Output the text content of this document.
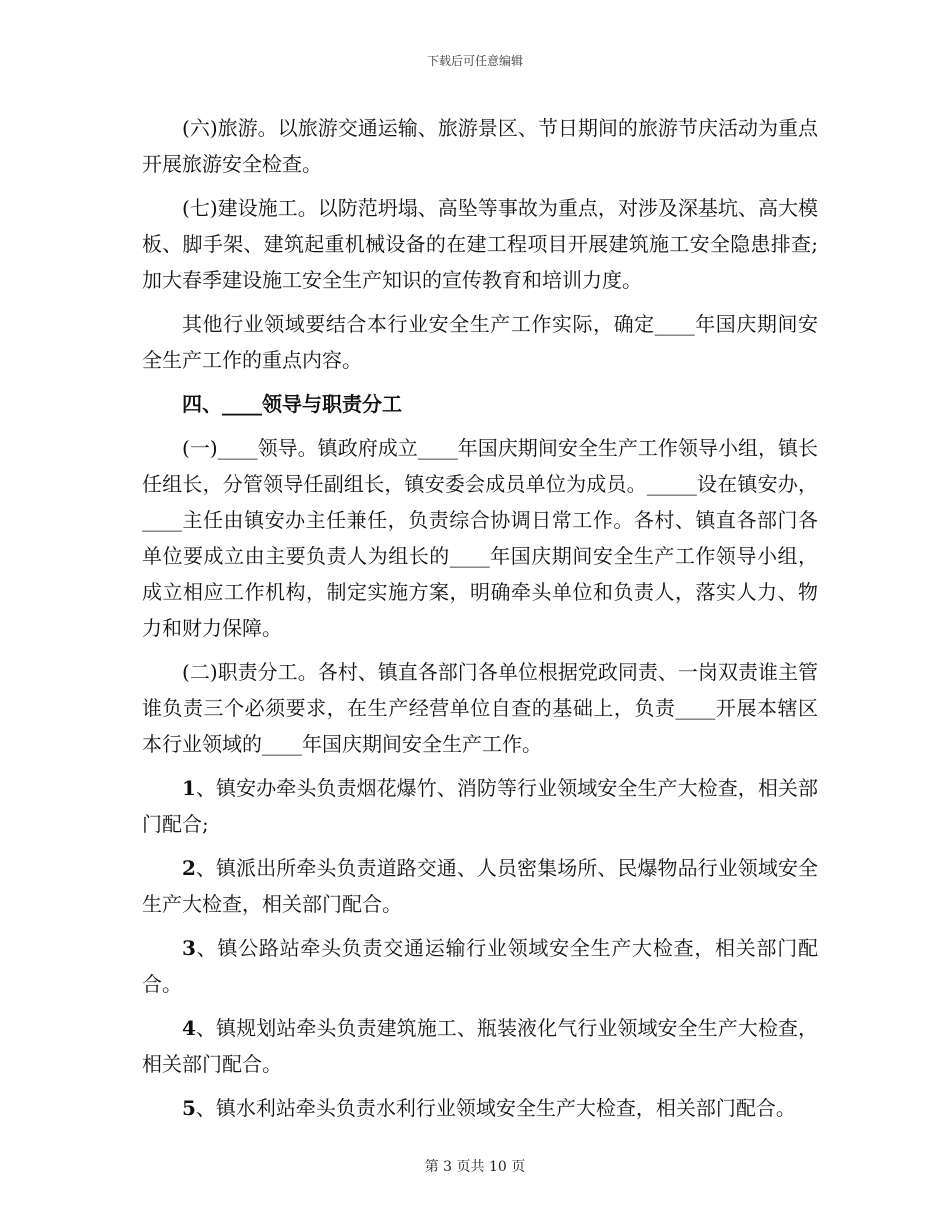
下载后可任意编辑

(六)旅游。以旅游交通运输、旅游景区、节日期间的旅游节庆活动为重点开展旅游安全检查。

(七)建设施工。以防范坍塌、高坠等事故为重点，对涉及深基坑、高大模板、脚手架、建筑起重机械设备的在建工程项目开展建筑施工安全隐患排查;加大春季建设施工安全生产知识的宣传教育和培训力度。

其他行业领域要结合本行业安全生产工作实际，确定____年国庆期间安全生产工作的重点内容。

四、____领导与职责分工

(一)____领导。镇政府成立____年国庆期间安全生产工作领导小组，镇长任组长，分管领导任副组长，镇安委会成员单位为成员。_____设在镇安办，____主任由镇安办主任兼任，负责综合协调日常工作。各村、镇直各部门各单位要成立由主要负责人为组长的____年国庆期间安全生产工作领导小组，成立相应工作机构，制定实施方案，明确牵头单位和负责人，落实人力、物力和财力保障。

(二)职责分工。各村、镇直各部门各单位根据党政同责、一岗双责谁主管谁负责三个必须要求，在生产经营单位自查的基础上，负责____开展本辖区本行业领域的____年国庆期间安全生产工作。

1、镇安办牵头负责烟花爆竹、消防等行业领域安全生产大检查，相关部门配合;

2、镇派出所牵头负责道路交通、人员密集场所、民爆物品行业领域安全生产大检查，相关部门配合。

3、镇公路站牵头负责交通运输行业领域安全生产大检查，相关部门配合。

4、镇规划站牵头负责建筑施工、瓶装液化气行业领域安全生产大检查，相关部门配合。

5、镇水利站牵头负责水利行业领域安全生产大检查，相关部门配合。

第 3 页共 10 页
